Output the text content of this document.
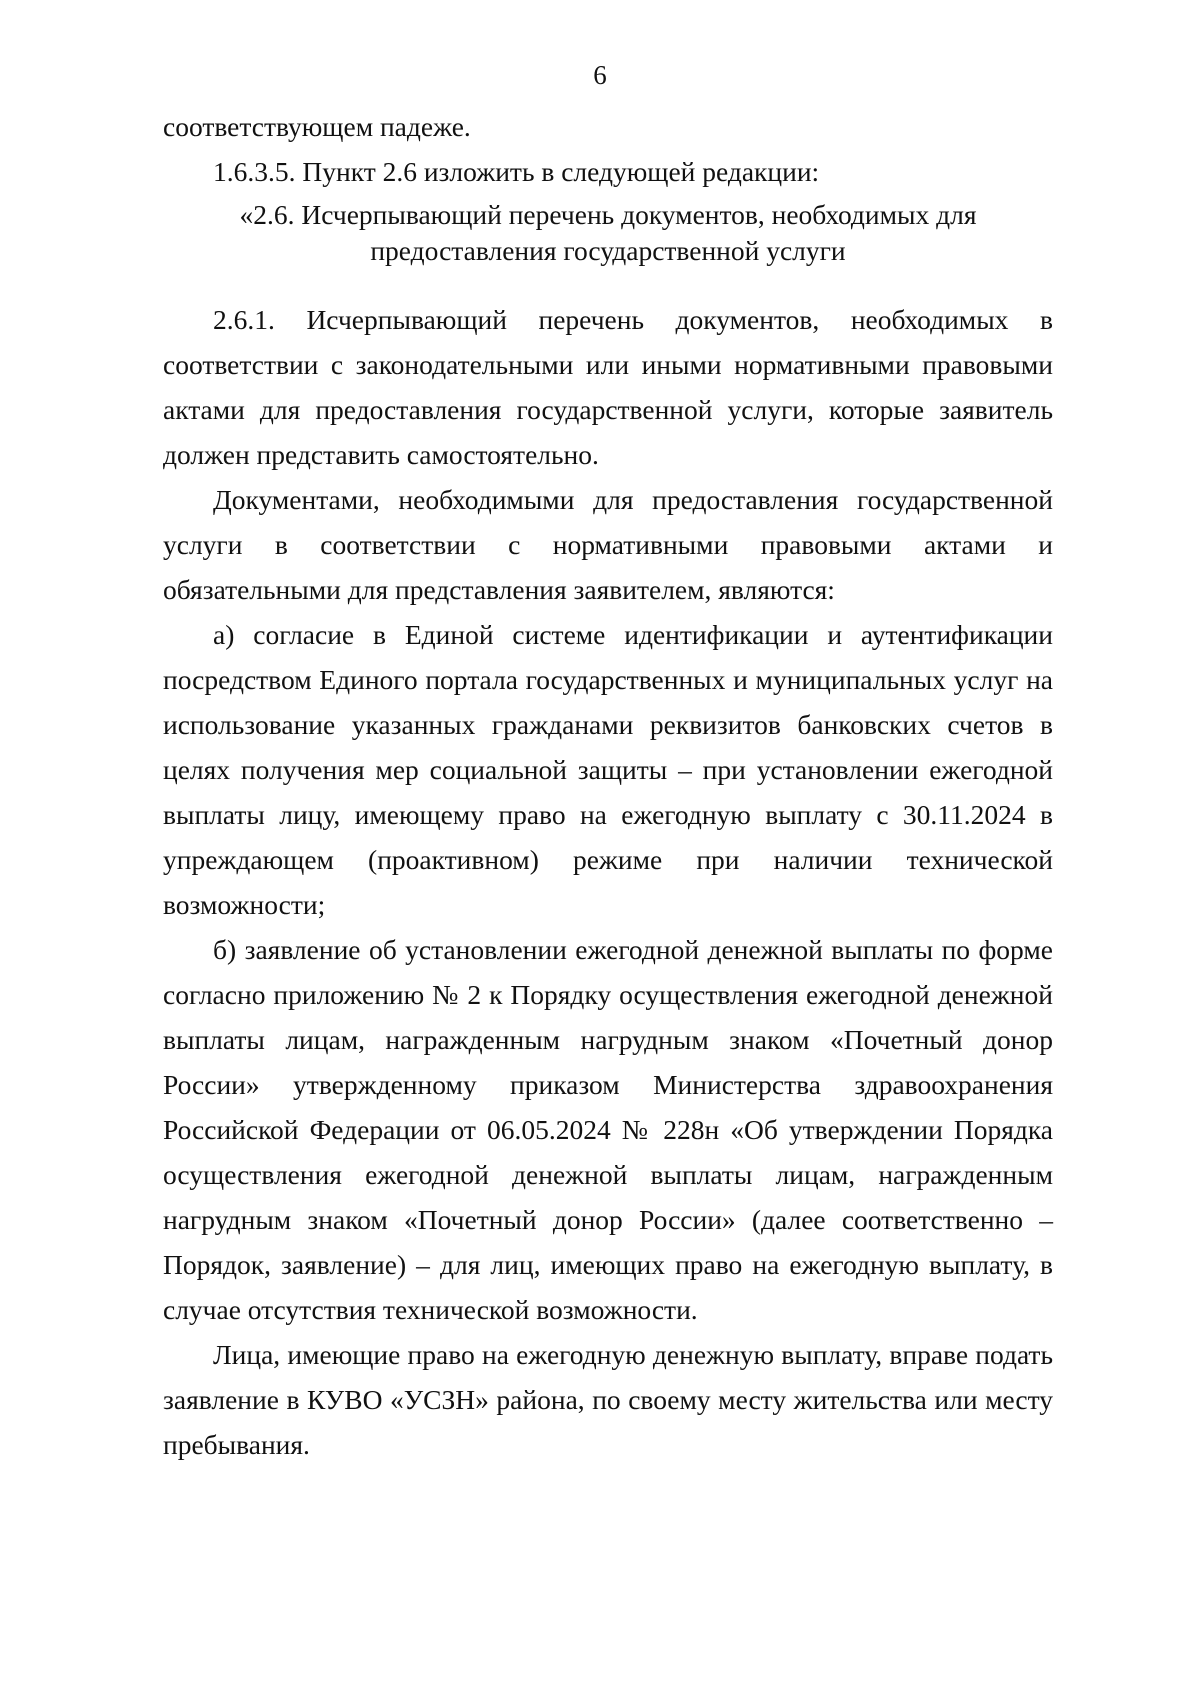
6

соответствующем падеже.

1.6.3.5. Пункт 2.6 изложить в следующей редакции:

«2.6. Исчерпывающий перечень документов, необходимых для
предоставления государственной услуги

2.6.1. Исчерпывающий перечень документов, необходимых в соответствии с законодательными или иными нормативными правовыми актами для предоставления государственной услуги, которые заявитель должен представить самостоятельно.

Документами, необходимыми для предоставления государственной услуги в соответствии с нормативными правовыми актами и обязательными для представления заявителем, являются:

а) согласие в Единой системе идентификации и аутентификации посредством Единого портала государственных и муниципальных услуг на использование указанных гражданами реквизитов банковских счетов в целях получения мер социальной защиты – при установлении ежегодной выплаты лицу, имеющему право на ежегодную выплату с 30.11.2024 в упреждающем (проактивном) режиме при наличии технической возможности;

б) заявление об установлении ежегодной денежной выплаты по форме согласно приложению № 2 к Порядку осуществления ежегодной денежной выплаты лицам, награжденным нагрудным знаком «Почетный донор России» утвержденному приказом Министерства здравоохранения Российской Федерации от 06.05.2024 № 228н «Об утверждении Порядка осуществления ежегодной денежной выплаты лицам, награжденным нагрудным знаком «Почетный донор России» (далее соответственно – Порядок, заявление) – для лиц, имеющих право на ежегодную выплату, в случае отсутствия технической возможности.

Лица, имеющие право на ежегодную денежную выплату, вправе подать заявление в КУВО «УСЗН» района, по своему месту жительства или месту пребывания.
